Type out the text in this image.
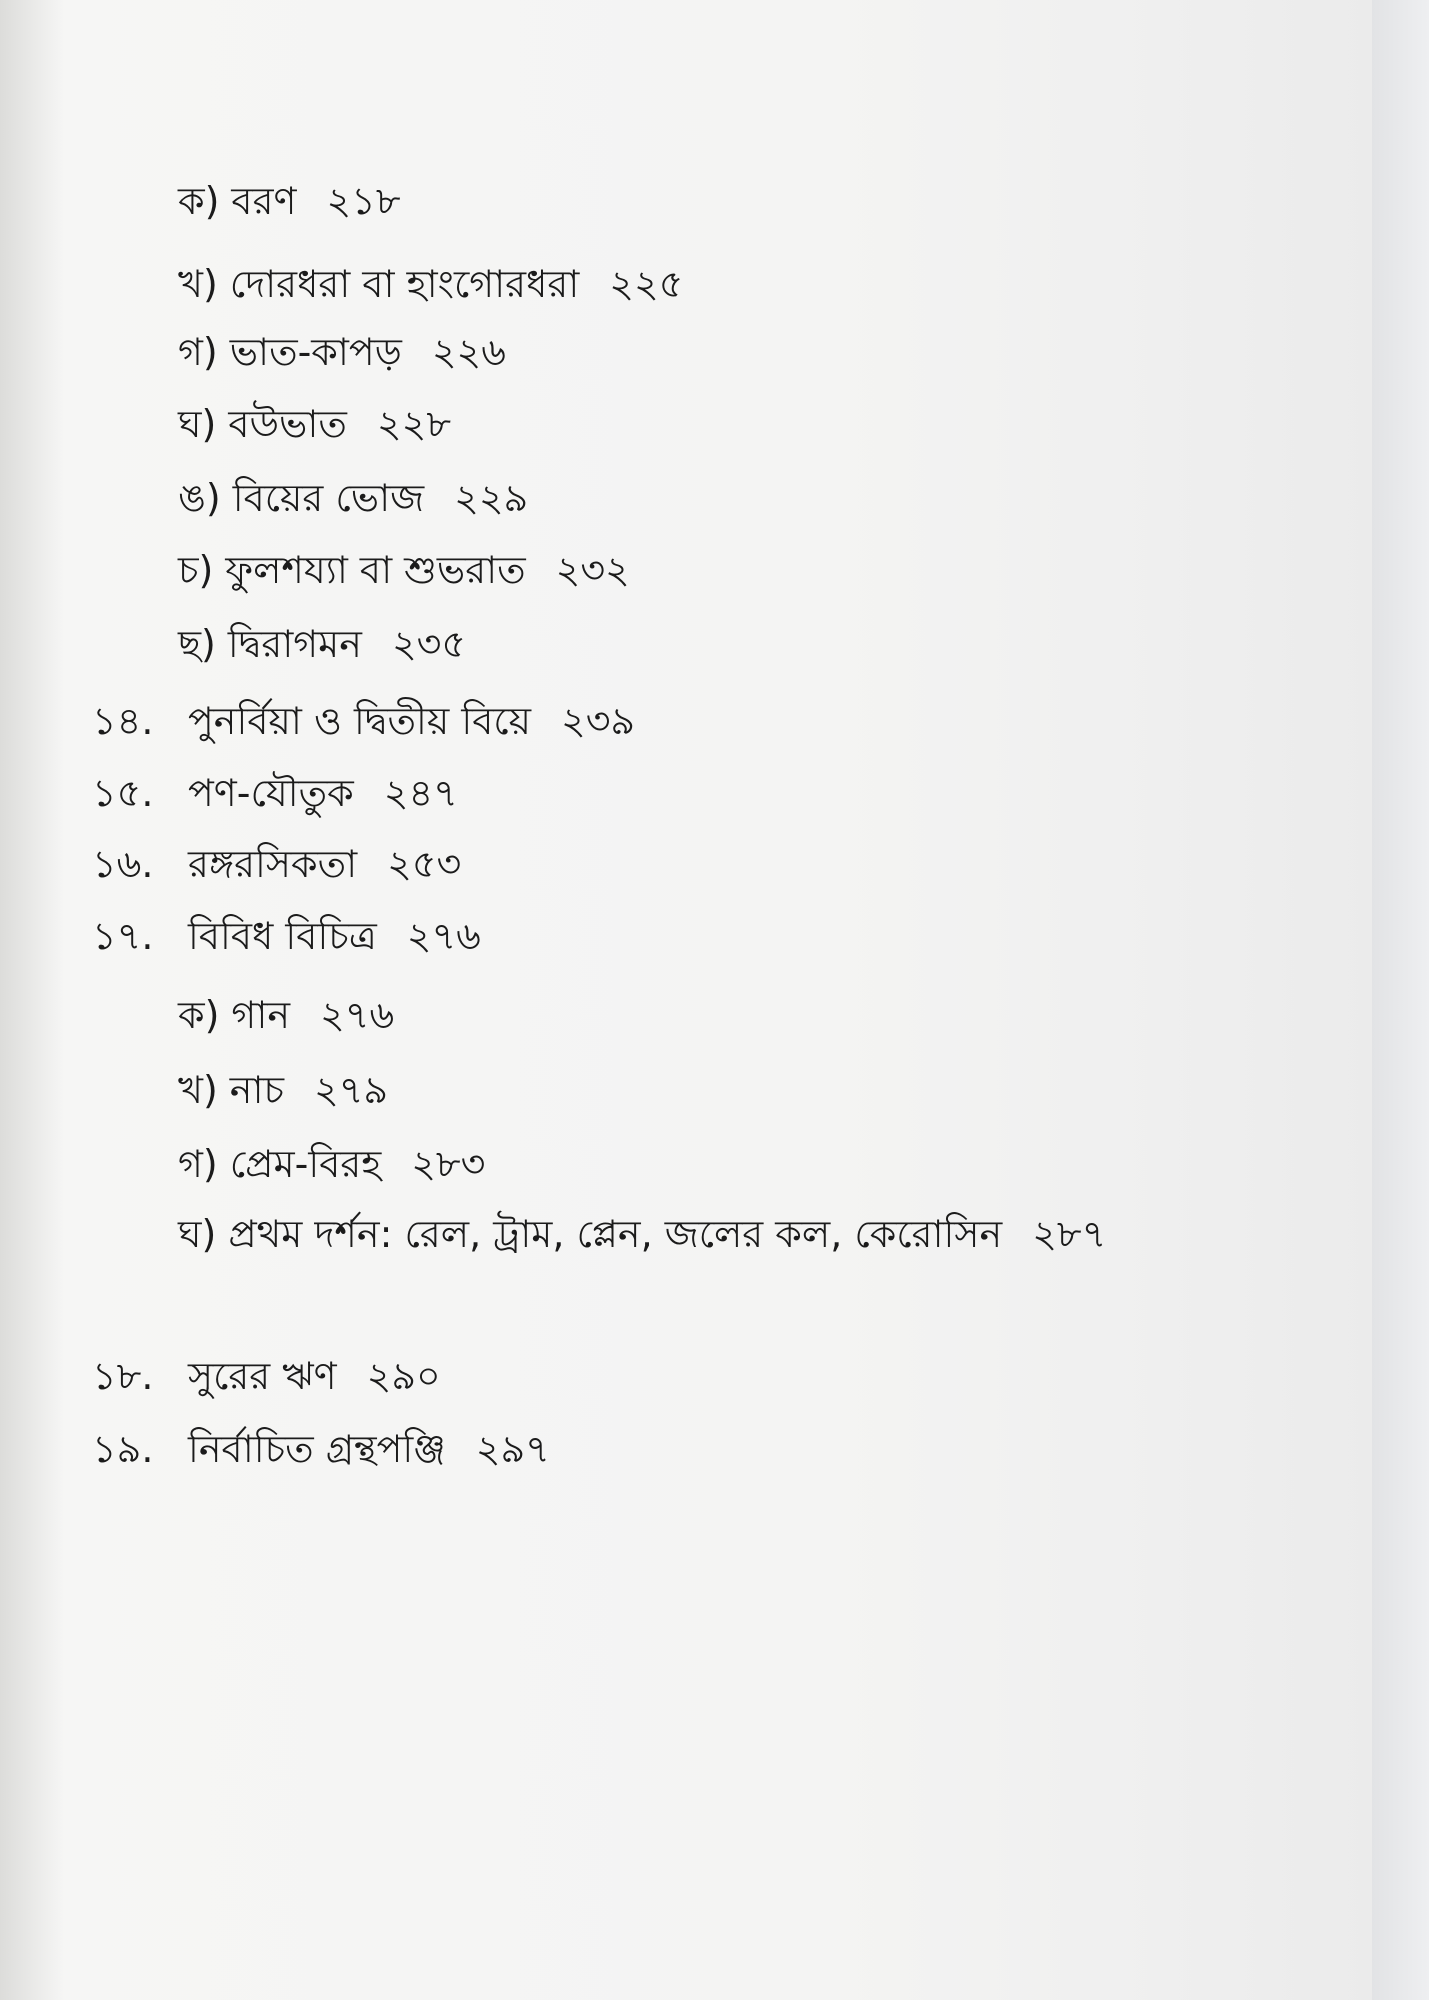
ক) বরণ ২১৮
খ) দোরধরা বা হাংগোরধরা ২২৫
গ) ভাত-কাপড় ২২৬
ঘ) বউভাত ২২৮
ঙ) বিয়ের ভোজ ২২৯
চ) ফুলশয্যা বা শুভরাত ২৩২
ছ) দ্বিরাগমন ২৩৫
১৪. পুনর্বিয়া ও দ্বিতীয় বিয়ে ২৩৯
১৫. পণ-যৌতুক ২৪৭
১৬. রঙ্গরসিকতা ২৫৩
১৭. বিবিধ বিচিত্র ২৭৬
ক) গান ২৭৬
খ) নাচ ২৭৯
গ) প্রেম-বিরহ ২৮৩
ঘ) প্রথম দর্শন: রেল, ট্রাম, প্লেন, জলের কল, কেরোসিন ২৮৭
১৮. সুরের ঋণ ২৯০
১৯. নির্বাচিত গ্রন্থপঞ্জি ২৯৭
